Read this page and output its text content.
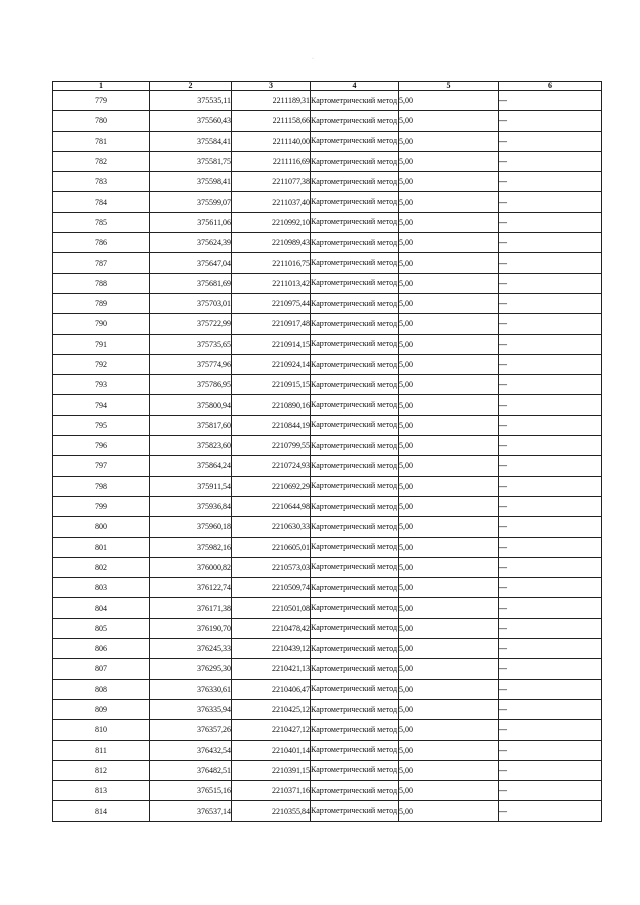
·
1	2	3	4	5	6
779	375535,11	2211189,31	Картометрический метод	5,00	—
780	375560,43	2211158,66	Картометрический метод	5,00	—
781	375584,41	2211140,00	Картометрический метод	5,00	—
782	375581,75	2211116,69	Картометрический метод	5,00	—
783	375598,41	2211077,38	Картометрический метод	5,00	—
784	375599,07	2211037,40	Картометрический метод	5,00	—
785	375611,06	2210992,10	Картометрический метод	5,00	—
786	375624,39	2210989,43	Картометрический метод	5,00	—
787	375647,04	2211016,75	Картометрический метод	5,00	—
788	375681,69	2211013,42	Картометрический метод	5,00	—
789	375703,01	2210975,44	Картометрический метод	5,00	—
790	375722,99	2210917,48	Картометрический метод	5,00	—
791	375735,65	2210914,15	Картометрический метод	5,00	—
792	375774,96	2210924,14	Картометрический метод	5,00	—
793	375786,95	2210915,15	Картометрический метод	5,00	—
794	375800,94	2210890,16	Картометрический метод	5,00	—
795	375817,60	2210844,19	Картометрический метод	5,00	—
796	375823,60	2210799,55	Картометрический метод	5,00	—
797	375864,24	2210724,93	Картометрический метод	5,00	—
798	375911,54	2210692,29	Картометрический метод	5,00	—
799	375936,84	2210644,98	Картометрический метод	5,00	—
800	375960,18	2210630,33	Картометрический метод	5,00	—
801	375982,16	2210605,01	Картометрический метод	5,00	—
802	376000,82	2210573,03	Картометрический метод	5,00	—
803	376122,74	2210509,74	Картометрический метод	5,00	—
804	376171,38	2210501,08	Картометрический метод	5,00	—
805	376190,70	2210478,42	Картометрический метод	5,00	—
806	376245,33	2210439,12	Картометрический метод	5,00	—
807	376295,30	2210421,13	Картометрический метод	5,00	—
808	376330,61	2210406,47	Картометрический метод	5,00	—
809	376335,94	2210425,12	Картометрический метод	5,00	—
810	376357,26	2210427,12	Картометрический метод	5,00	—
811	376432,54	2210401,14	Картометрический метод	5,00	—
812	376482,51	2210391,15	Картометрический метод	5,00	—
813	376515,16	2210371,16	Картометрический метод	5,00	—
814	376537,14	2210355,84	Картометрический метод	5,00	—
